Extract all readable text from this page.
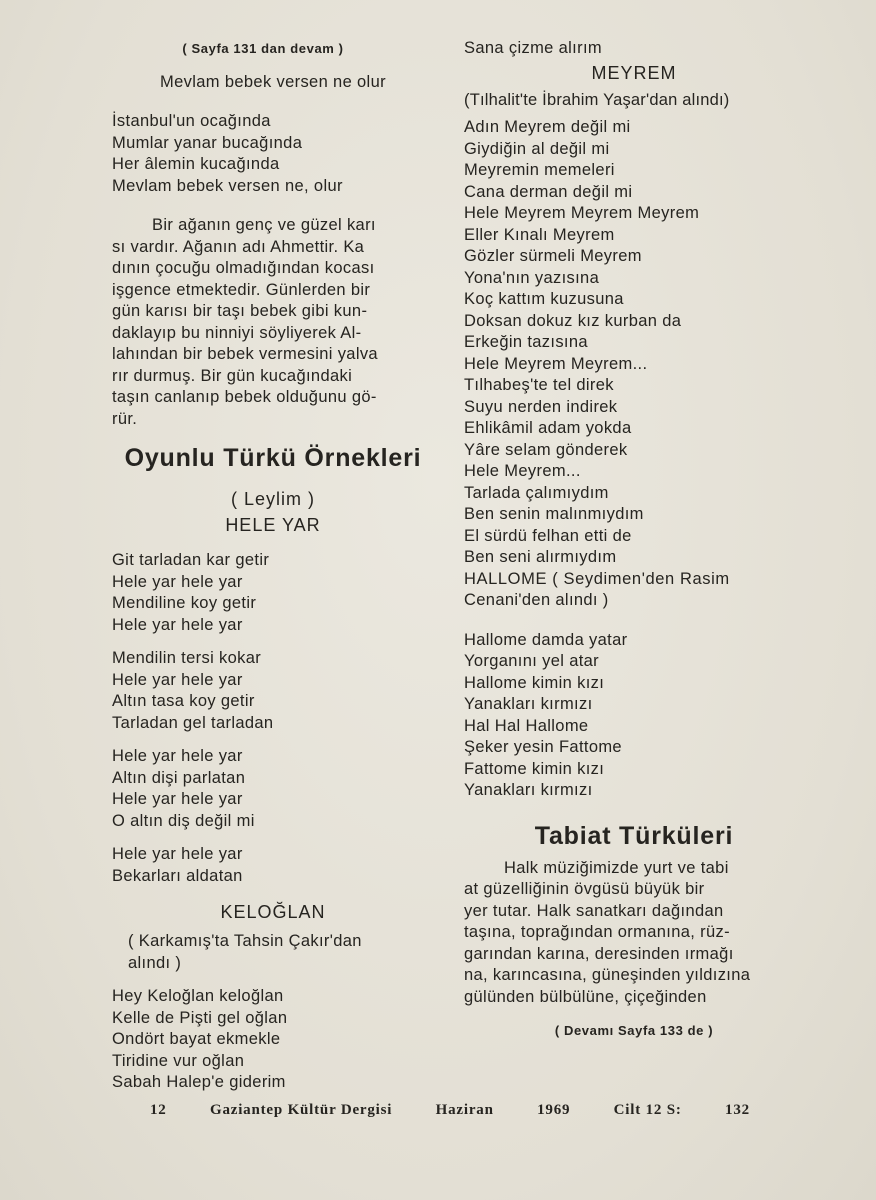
( Sayfa 131 dan devam )
Mevlam bebek versen ne olur
İstanbul'un ocağında
Mumlar yanar bucağında
Her âlemin kucağında
Mevlam bebek versen ne, olur
Bir ağanın genç ve güzel karı
sı vardır. Ağanın adı Ahmettir. Ka
dının çocuğu olmadığından kocası
işgence etmektedir. Günlerden bir
gün karısı bir taşı bebek gibi kun-
daklayıp bu ninniyi söyliyerek Al-
lahından bir bebek vermesini yalva
rır durmuş. Bir gün kucağındaki
taşın canlanıp bebek olduğunu gö-
rür.
Oyunlu Türkü Örnekleri
( Leylim )
HELE YAR
Git tarladan kar getir
Hele yar hele yar
Mendiline koy getir
Hele yar hele yar
Mendilin tersi kokar
Hele yar hele yar
Altın tasa koy getir
Tarladan gel tarladan
Hele yar hele yar
Altın dişi parlatan
Hele yar hele yar
O altın diş değil mi
Hele yar hele yar
Bekarları aldatan
KELOĞLAN
( Karkamış'ta Tahsin Çakır'dan
alındı )
Hey Keloğlan keloğlan
Kelle de Pişti gel oğlan
Ondört bayat ekmekle
Tiridine vur oğlan
Sabah Halep'e giderim
Sana çizme alırım
MEYREM
(Tılhalit'te İbrahim Yaşar'dan alındı)
Adın Meyrem değil mi
Giydiğin al değil mi
Meyremin memeleri
Cana derman değil mi
Hele Meyrem Meyrem Meyrem
Eller Kınalı Meyrem
Gözler sürmeli Meyrem
Yona'nın yazısına
Koç kattım kuzusuna
Doksan dokuz kız kurban da
Erkeğin tazısına
Hele Meyrem Meyrem...
Tılhabeş'te tel direk
Suyu nerden indirek
Ehlikâmil adam yokda
Yâre selam gönderek
Hele Meyrem...
Tarlada çalımıydım
Ben senin malınmıydım
El sürdü felhan etti de
Ben seni alırmıydım
HALLOME ( Seydimen'den Rasim
Cenani'den alındı )
Hallome damda yatar
Yorganını yel atar
Hallome kimin kızı
Yanakları kırmızı
Hal Hal Hallome
Şeker yesin Fattome
Fattome kimin kızı
Yanakları kırmızı
Tabiat Türküleri
Halk müziğimizde yurt ve tabi
at güzelliğinin övgüsü büyük bir
yer tutar. Halk sanatkarı dağından
taşına, toprağından ormanına, rüz-
garından karına, deresinden ırmağı
na, karıncasına, güneşinden yıldızına
gülünden bülbülüne, çiçeğinden
( Devamı Sayfa 133 de )
12	Gaziantep Kültür Dergisi	Haziran	1969	Cilt 12 S:	132
